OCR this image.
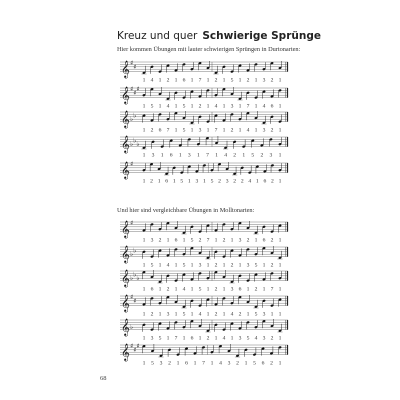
Kreuz und quer Schwierige Sprünge
Hier kommen Übungen mit lauter schwierigen Sprüngen in Durtonarten:
Und hier sind vergleichbare Übungen in Molltonarten:
𝄞 ♯ ♯
1 4 1 2 1 6 1 7 1 2 1 5 1 2 1 3 2 1
𝄞 ♯ ♯ ♯
1 5 1 4 1 5 1 2 1 4 1 3 1 7 1 4 6 1
𝄞 ♭ ♭
1 2 6 7 1 5 1 3 1 7 1 2 1 4 1 3 2 1
𝄞 ♭ ♭ ♭
1 3 1 6 1 3 1 7 1 4 2 1 5 2 3 1
𝄞 ♯
1 2 1 6 1 5 1 3 1 5 2 3 2 2 4 1 6 2 1
𝄞 ♯
1 3 2 1 6 1 5 2 7 1 2 1 3 2 1 6 2 1
𝄞 ♭ ♭
1 5 1 4 1 5 1 3 1 2 1 2 1 3 5 1 2 1
𝄞 ♭ ♭ ♭
1 6 1 2 1 4 1 5 1 2 1 3 6 1 2 1 7 1
𝄞 ♯ ♯
1 2 1 3 1 5 1 4 1 2 1 4 2 1 5 3 1 1
𝄞 ♭
1 3 5 1 7 1 6 1 2 1 4 1 3 5 4 3 2 1
𝄞 ♯ ♯ ♯
1 5 3 2 1 6 1 7 1 4 3 2 1 5 6 2 1
68
